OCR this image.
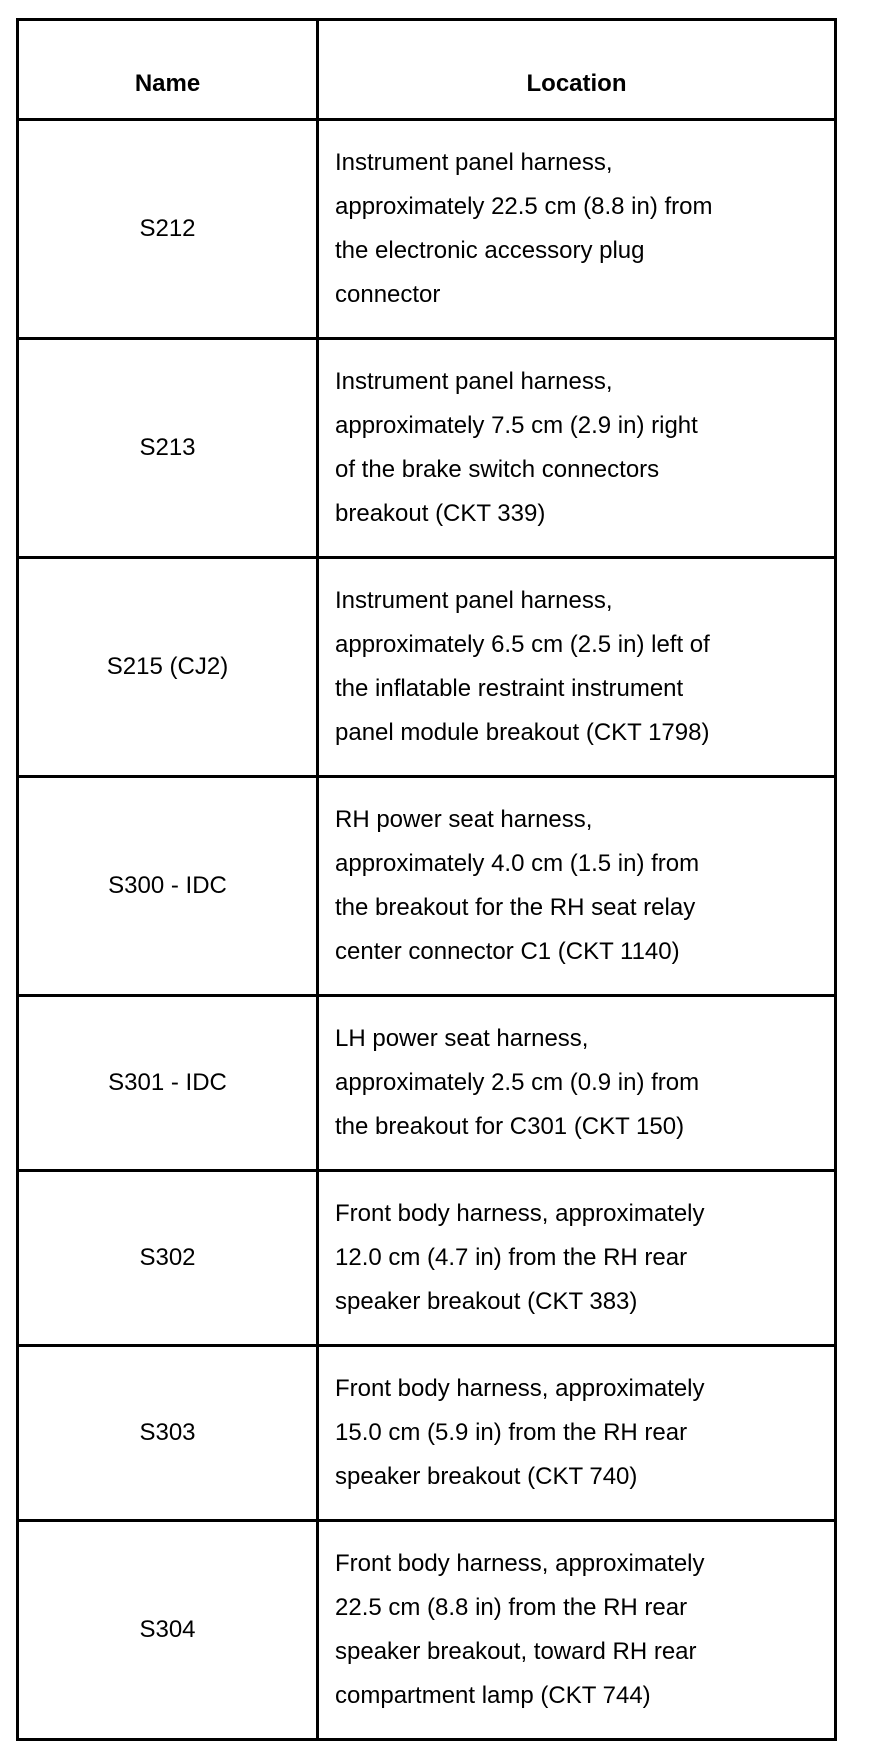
Name	Location
S212	Instrument panel harness,
approximately 22.5 cm (8.8 in) from
the electronic accessory plug
connector
S213	Instrument panel harness,
approximately 7.5 cm (2.9 in) right
of the brake switch connectors
breakout (CKT 339)
S215 (CJ2)	Instrument panel harness,
approximately 6.5 cm (2.5 in) left of
the inflatable restraint instrument
panel module breakout (CKT 1798)
S300 - IDC	RH power seat harness,
approximately 4.0 cm (1.5 in) from
the breakout for the RH seat relay
center connector C1 (CKT 1140)
S301 - IDC	LH power seat harness,
approximately 2.5 cm (0.9 in) from
the breakout for C301 (CKT 150)
S302	Front body harness, approximately
12.0 cm (4.7 in) from the RH rear
speaker breakout (CKT 383)
S303	Front body harness, approximately
15.0 cm (5.9 in) from the RH rear
speaker breakout (CKT 740)
S304	Front body harness, approximately
22.5 cm (8.8 in) from the RH rear
speaker breakout, toward RH rear
compartment lamp (CKT 744)
